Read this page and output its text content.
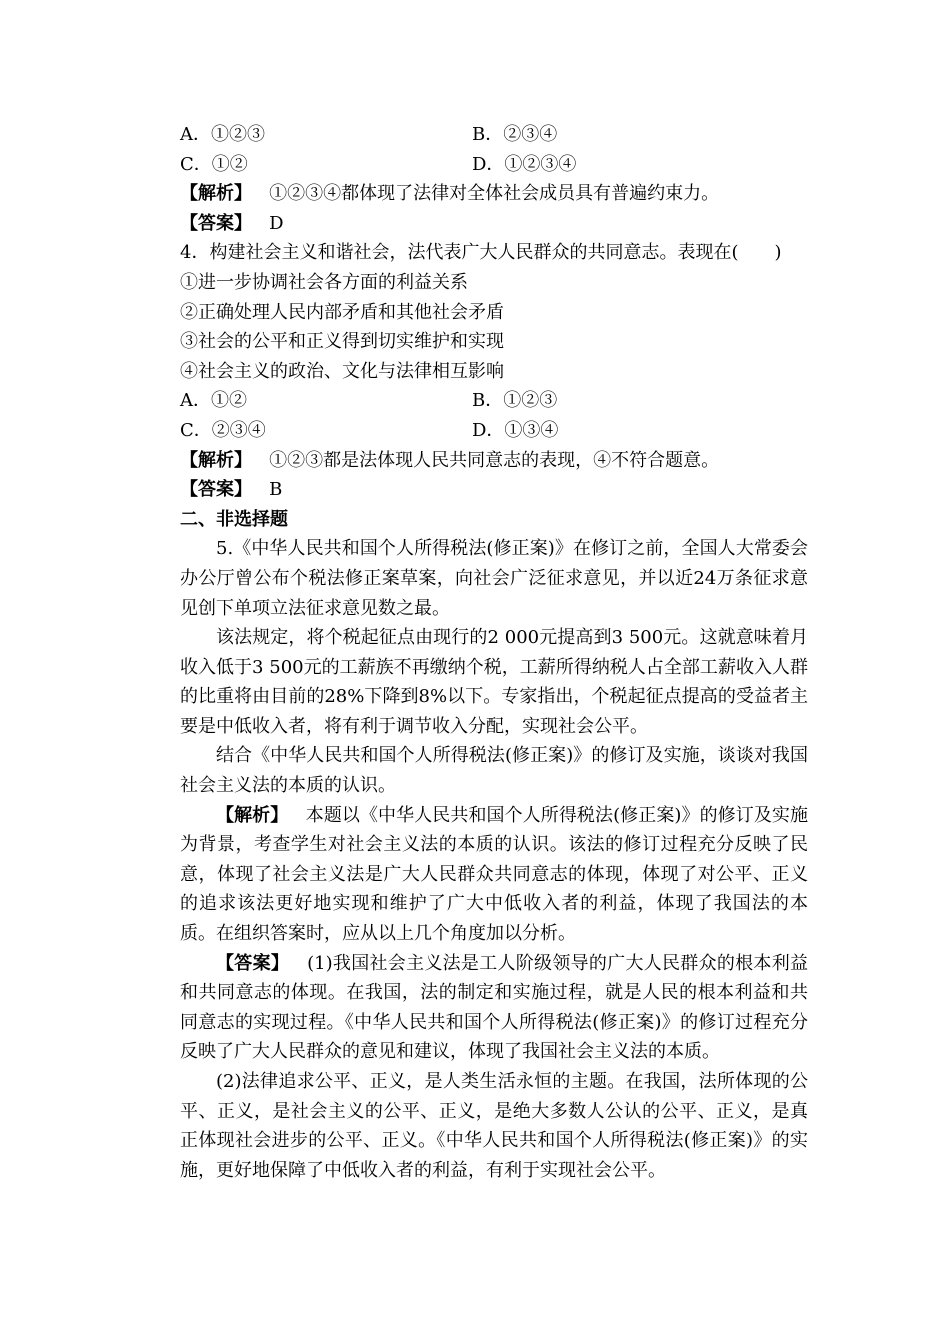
A．①②③	B．②③④
C．①②	D．①②③④

【解析】 ①②③④都体现了法律对全体社会成员具有普遍约束力。

【答案】 D

4．构建社会主义和谐社会，法代表广大人民群众的共同意志。表现在(　　)

①进一步协调社会各方面的利益关系

②正确处理人民内部矛盾和其他社会矛盾

③社会的公平和正义得到切实维护和实现

④社会主义的政治、文化与法律相互影响

A．①②	B．①②③
C．②③④	D．①③④

【解析】 ①②③都是法体现人民共同意志的表现，④不符合题意。

【答案】 B

二、非选择题

5.《中华人民共和国个人所得税法(修正案)》在修订之前，全国人大常委会办公厅曾公布个税法修正案草案，向社会广泛征求意见，并以近24万条征求意见创下单项立法征求意见数之最。

该法规定，将个税起征点由现行的2 000元提高到3 500元。这就意味着月收入低于3 500元的工薪族不再缴纳个税，工薪所得纳税人占全部工薪收入人群的比重将由目前的28%下降到8%以下。专家指出，个税起征点提高的受益者主要是中低收入者，将有利于调节收入分配，实现社会公平。

结合《中华人民共和国个人所得税法(修正案)》的修订及实施，谈谈对我国社会主义法的本质的认识。

【解析】 本题以《中华人民共和国个人所得税法(修正案)》的修订及实施为背景，考查学生对社会主义法的本质的认识。该法的修订过程充分反映了民意，体现了社会主义法是广大人民群众共同意志的体现，体现了对公平、正义的追求该法更好地实现和维护了广大中低收入者的利益，体现了我国法的本质。在组织答案时，应从以上几个角度加以分析。

【答案】 (1)我国社会主义法是工人阶级领导的广大人民群众的根本利益和共同意志的体现。在我国，法的制定和实施过程，就是人民的根本利益和共同意志的实现过程。《中华人民共和国个人所得税法(修正案)》的修订过程充分反映了广大人民群众的意见和建议，体现了我国社会主义法的本质。

(2)法律追求公平、正义，是人类生活永恒的主题。在我国，法所体现的公平、正义，是社会主义的公平、正义，是绝大多数人公认的公平、正义，是真正体现社会进步的公平、正义。《中华人民共和国个人所得税法(修正案)》的实施，更好地保障了中低收入者的利益，有利于实现社会公平。
